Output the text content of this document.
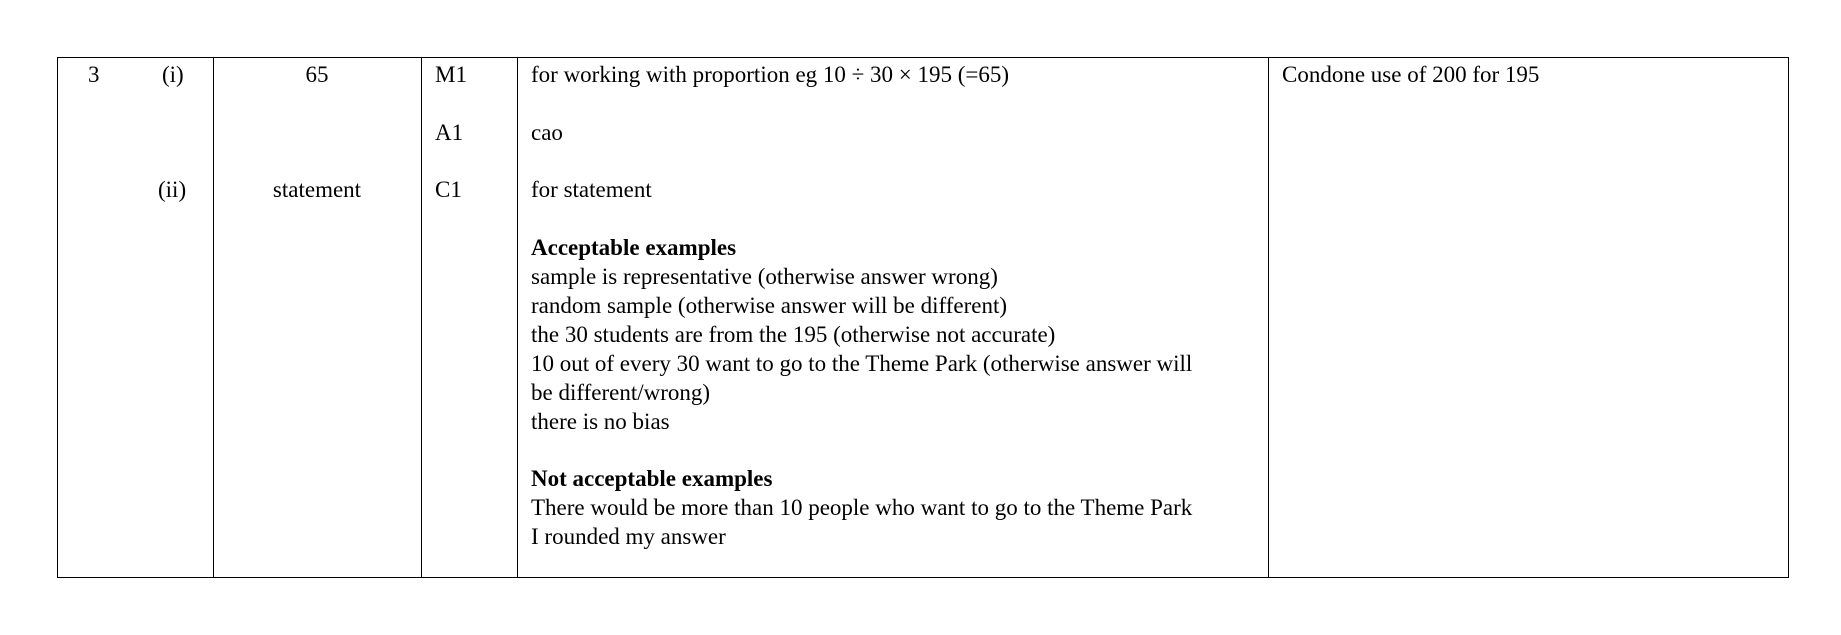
3	(i)
(ii)
65
statement
M1
A1
C1
for working with proportion eg 10 ÷ 30 × 195 (=65)
cao
for statement
Acceptable examples
sample is representative (otherwise answer wrong)
random sample (otherwise answer will be different)
the 30 students are from the 195 (otherwise not accurate)
10 out of every 30 want to go to the Theme Park (otherwise answer will
be different/wrong)
there is no bias
Not acceptable examples
There would be more than 10 people who want to go to the Theme Park
I rounded my answer
Condone use of 200 for 195
